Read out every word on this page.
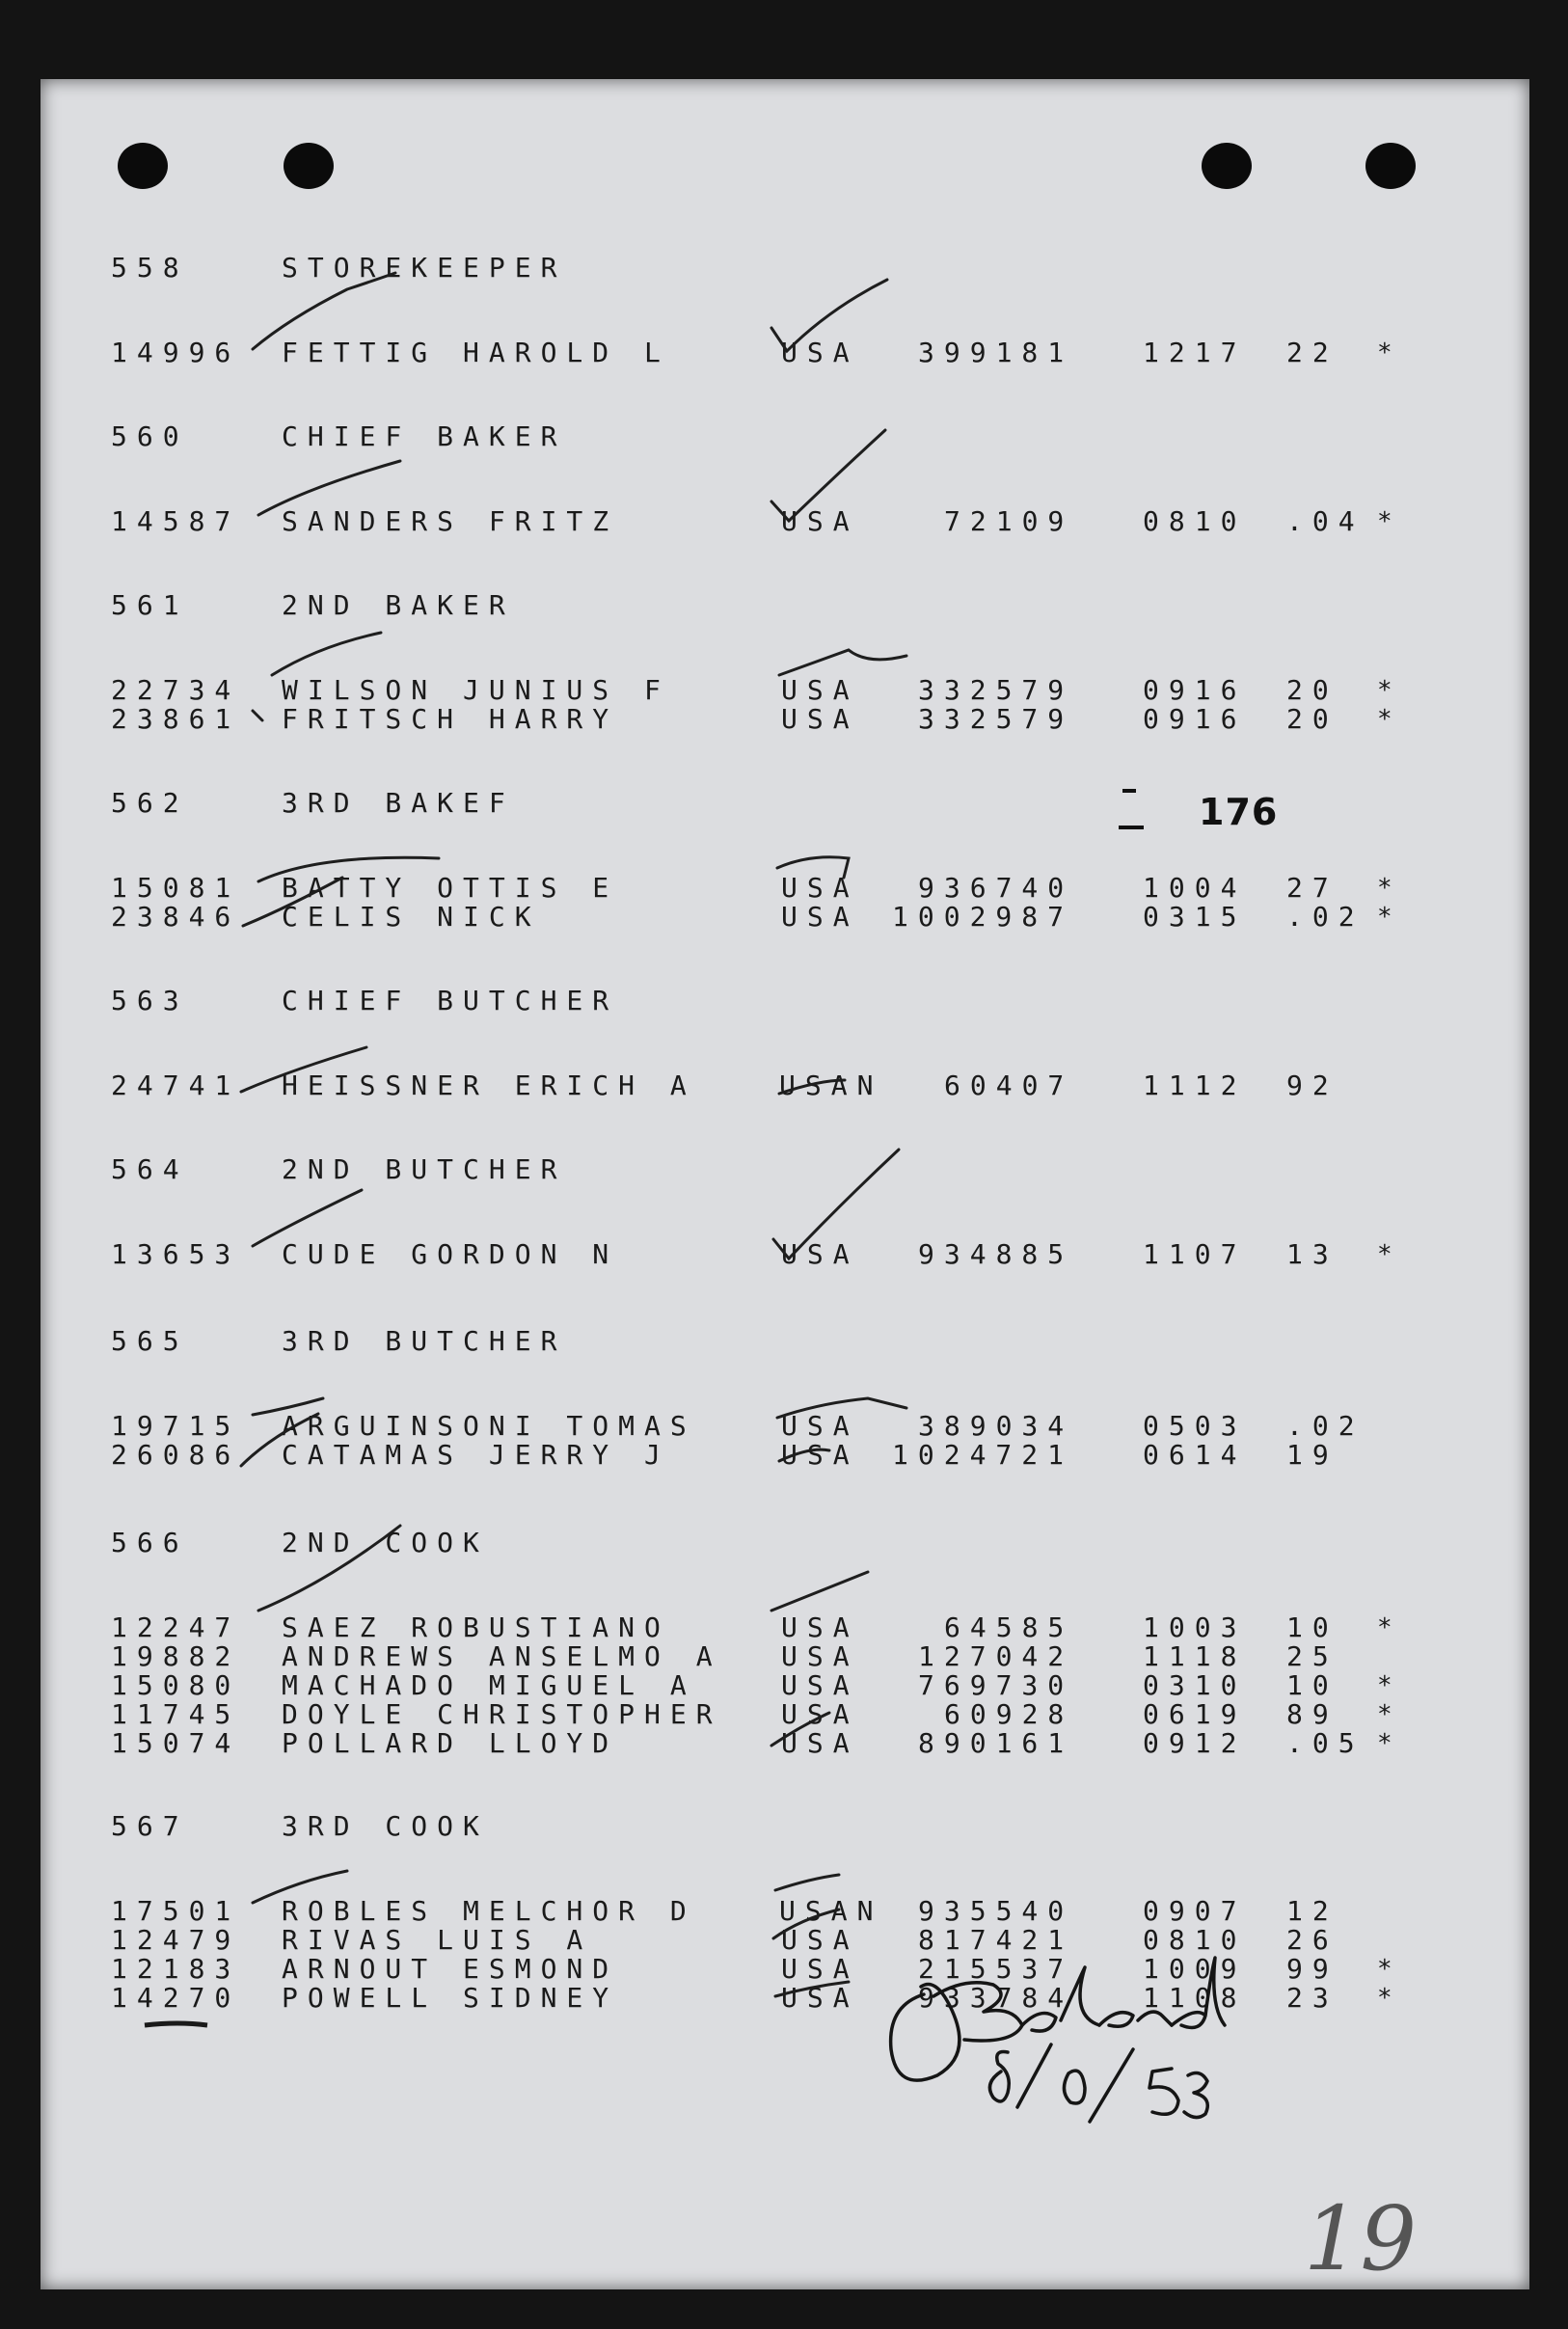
558	STOREKEEPER
14996 FETTIG HAROLD L	USA 399181	1217 22 *
560	CHIEF BAKER
14587 SANDERS FRITZ	USA	72109	0810 .04 *
561	2ND BAKER
22734 WILSON JUNIUS F	USA 332579	0916 20 *
23861 FRITSCH HARRY	USA 332579	0916 20 *
562	3RD BAKEF
15081 BATTY OTTIS E	USA 936740	1004 27 *
23846 CELIS NICK	USA 1002987	0315 .02 *
563	CHIEF BUTCHER
24741 HEISSNER ERICH A	USAN 60407	1112 92
564	2ND BUTCHER
13653 CUDE GORDON N	USA 934885	1107 13 *
565	3RD BUTCHER
19715 ARGUINSONI TOMAS	USA 389034	0503 .02
26086 CATAMAS JERRY J	USA 1024721	0614 19
566	2ND COOK
12247 SAEZ ROBUSTIANO	USA	64585	1003 10 *
19882 ANDREWS ANSELMO A USA 127042	1118 25
15080 MACHADO MIGUEL A	USA 769730	0310 10 *
11745 DOYLE CHRISTOPHER USA	60928	0619 89 *
15074 POLLARD LLOYD	USA 890161	0912 .05 *
567	3RD COOK
17501 ROBLES MELCHOR D	USAN 935540	0907 12
12479 RIVAS LUIS A	USA 817421	0810 26
12183 ARNOUT ESMOND	USA 215537	1009 99 *
14270 POWELL SIDNEY	USA 933784	1108 23 *
176
19
